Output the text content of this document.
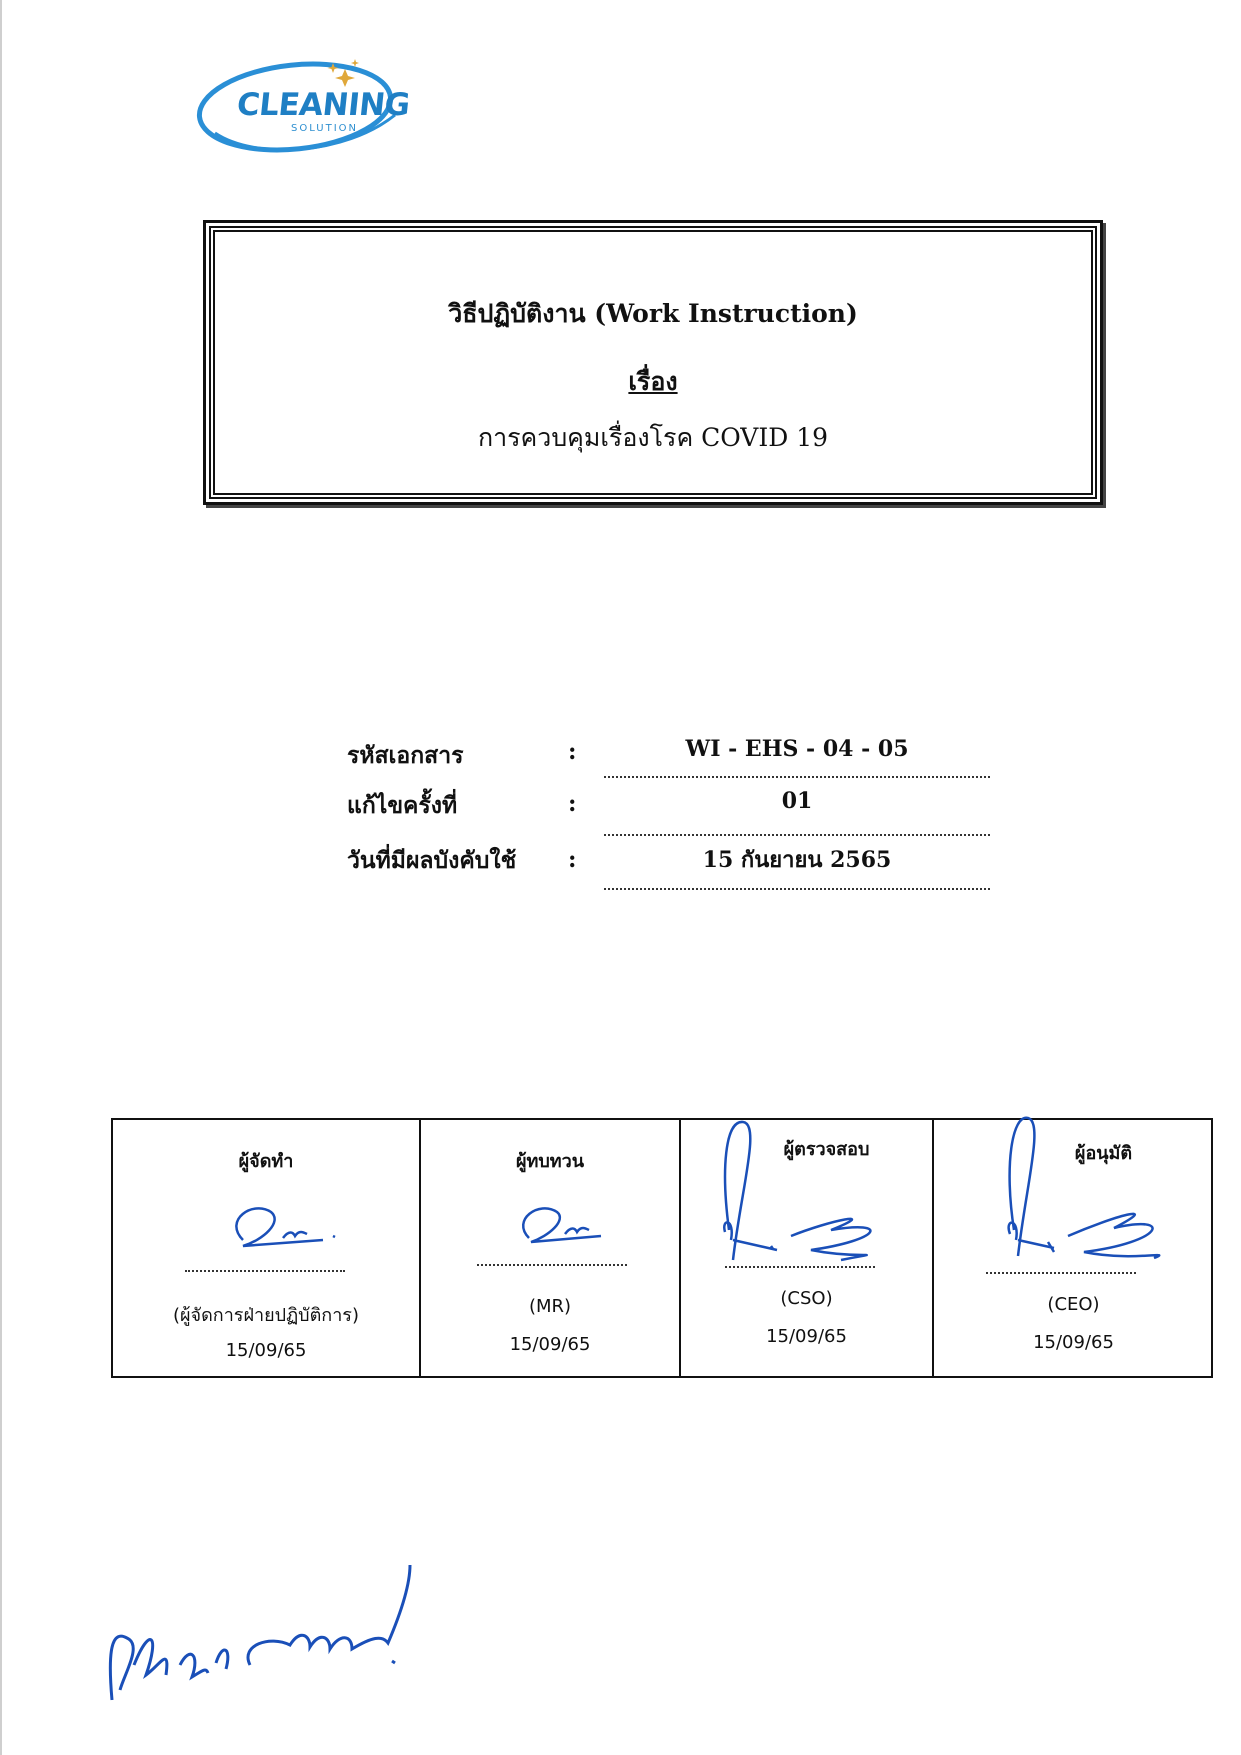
CLEANING
SOLUTION
วิธีปฏิบัติงาน (Work Instruction)
เรื่อง
การควบคุมเรื่องโรค COVID 19
รหัสเอกสาร	:	WI - EHS - 04 - 05
แก้ไขครั้งที่	:	01
วันที่มีผลบังคับใช้ :	15 กันยายน 2565
ผู้จัดทำ
(ผู้จัดการฝ่ายปฏิบัติการ)
15/09/65
ผู้ทบทวน
(MR)
15/09/65
ผู้ตรวจสอบ
(CSO)
15/09/65
ผู้อนุมัติ
(CEO)
15/09/65
